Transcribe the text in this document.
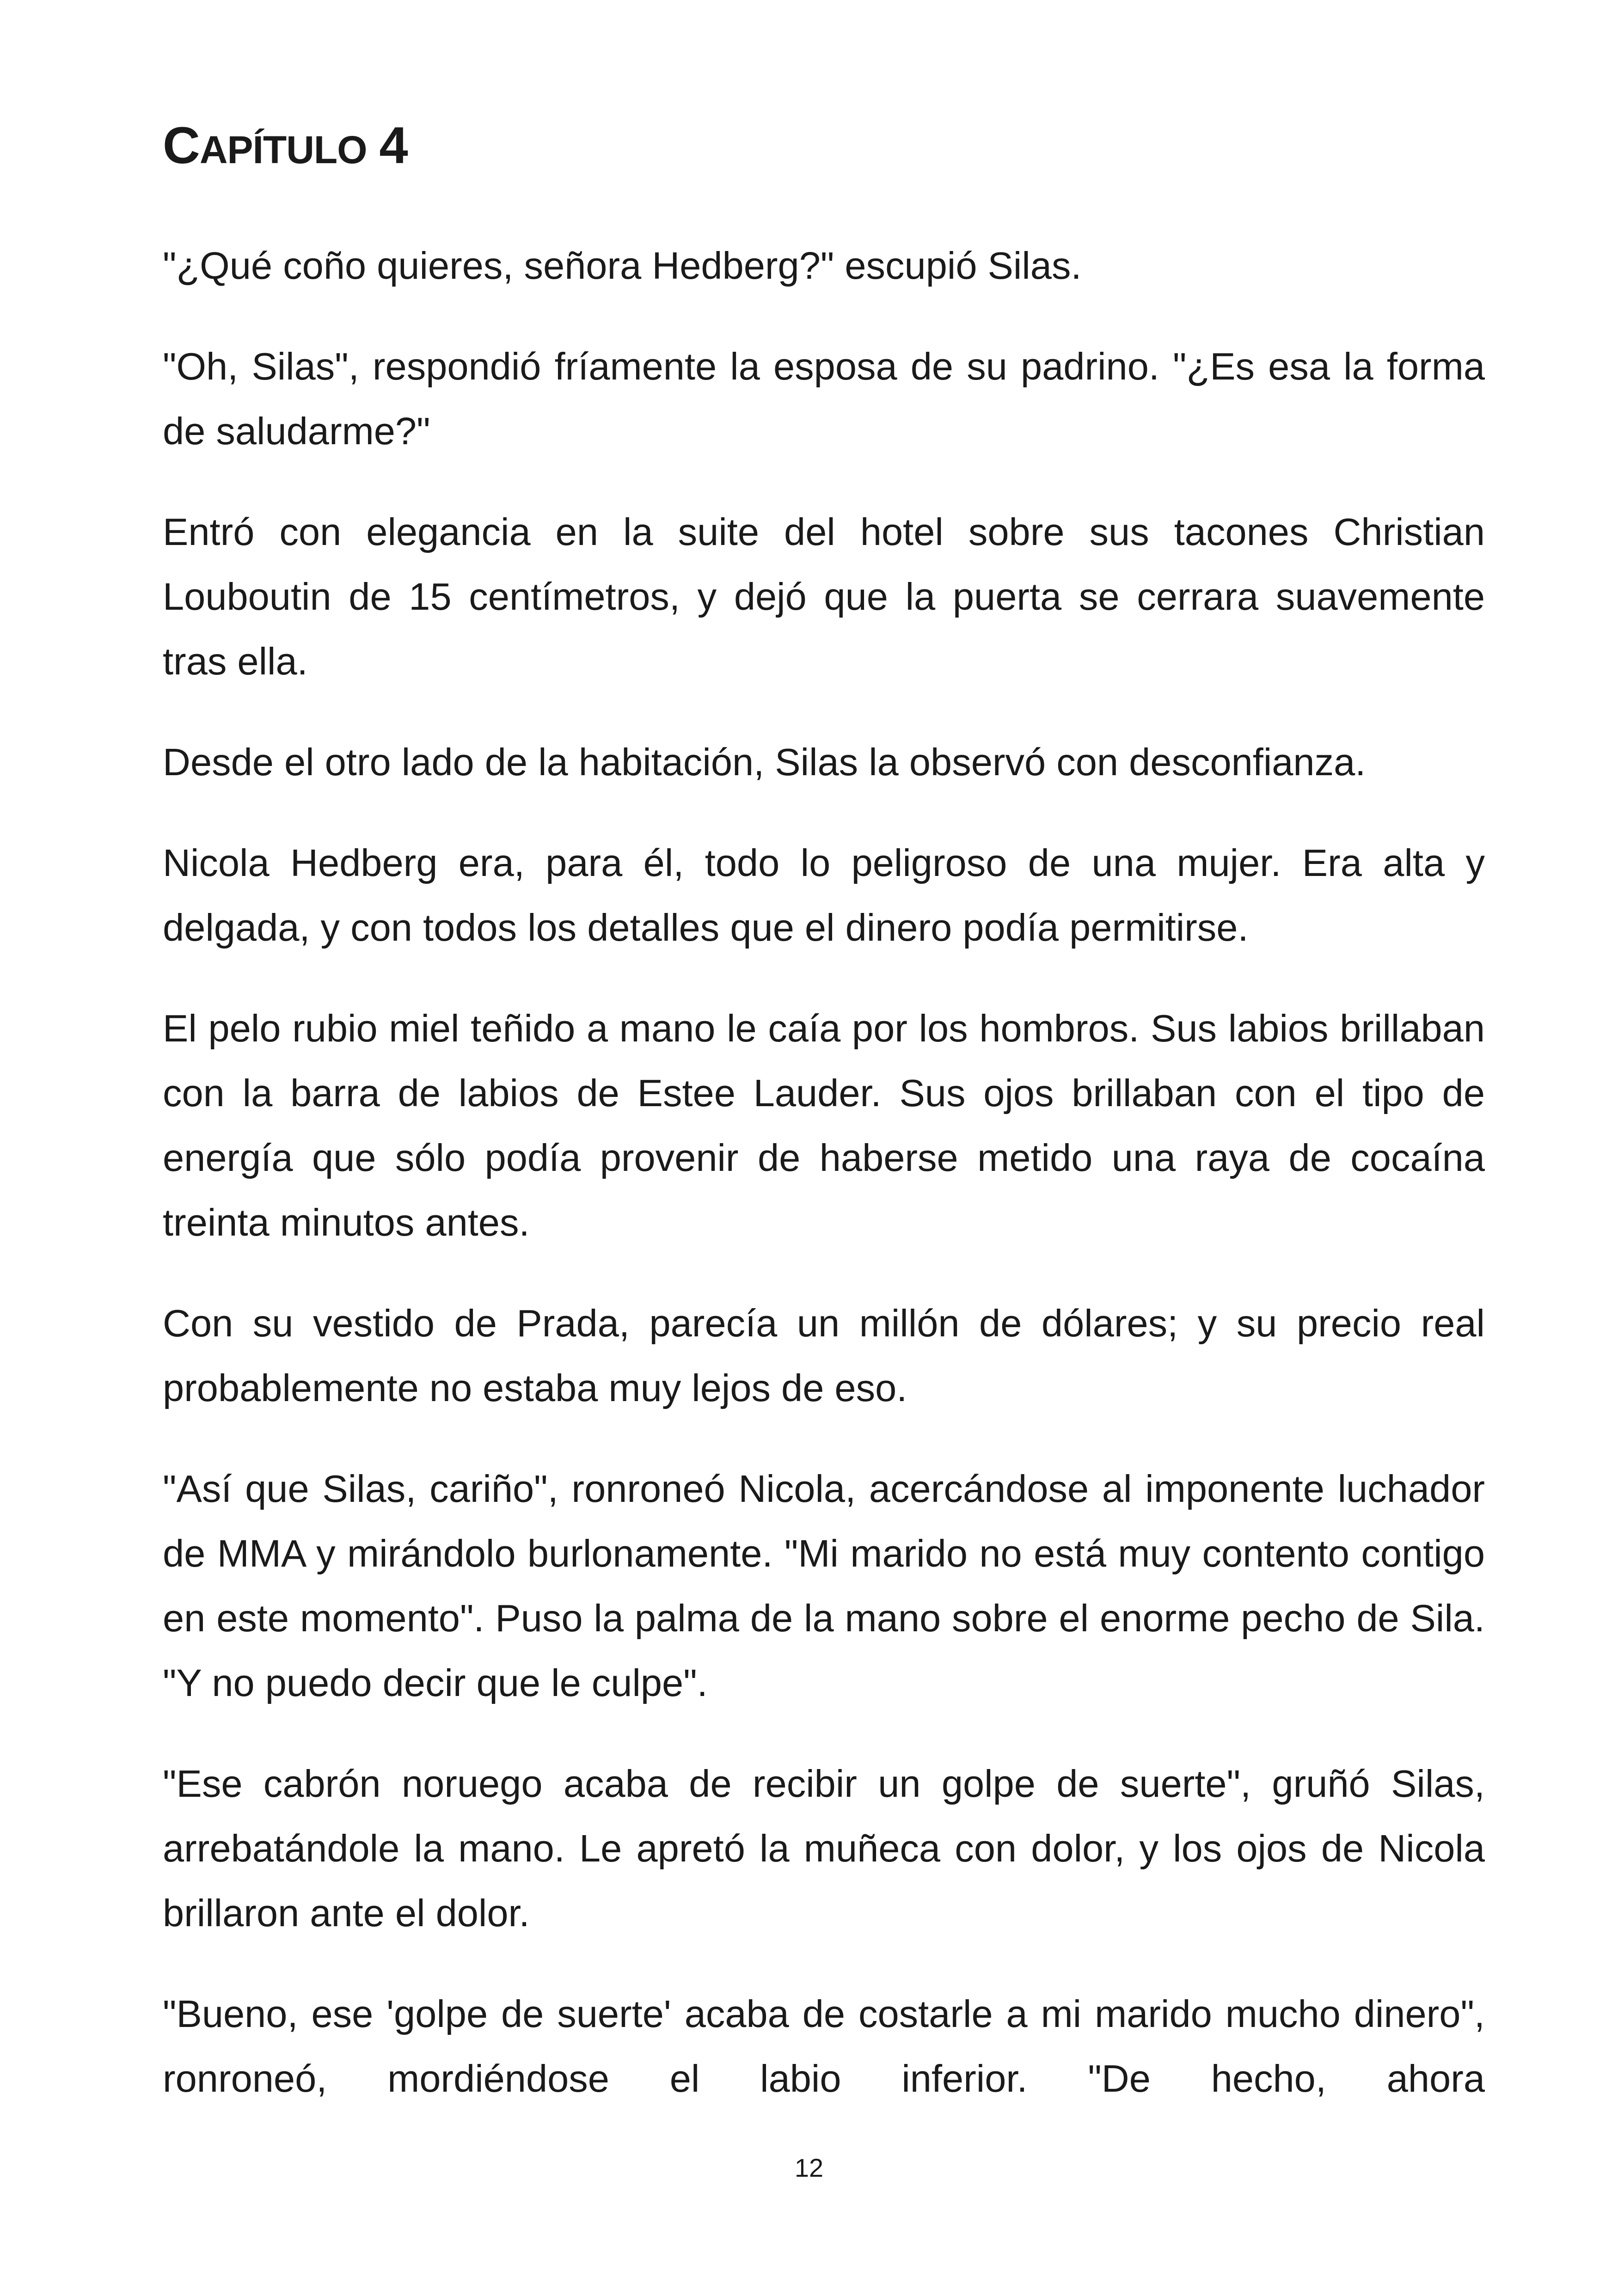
CAPÍTULO 4

"¿Qué coño quieres, señora Hedberg?" escupió Silas.

"Oh, Silas", respondió fríamente la esposa de su padrino. "¿Es esa la forma de saludarme?"

Entró con elegancia en la suite del hotel sobre sus tacones Christian Louboutin de 15 centímetros, y dejó que la puerta se cerrara suavemente tras ella.

Desde el otro lado de la habitación, Silas la observó con desconfianza.

Nicola Hedberg era, para él, todo lo peligroso de una mujer. Era alta y delgada, y con todos los detalles que el dinero podía permitirse.

El pelo rubio miel teñido a mano le caía por los hombros. Sus labios brillaban con la barra de labios de Estee Lauder. Sus ojos brillaban con el tipo de energía que sólo podía provenir de haberse metido una raya de cocaína treinta minutos antes.

Con su vestido de Prada, parecía un millón de dólares; y su precio real probablemente no estaba muy lejos de eso.

"Así que Silas, cariño", ronroneó Nicola, acercándose al imponente luchador de MMA y mirándolo burlonamente. "Mi marido no está muy contento contigo en este momento". Puso la palma de la mano sobre el enorme pecho de Sila. "Y no puedo decir que le culpe".

"Ese cabrón noruego acaba de recibir un golpe de suerte", gruñó Silas, arrebatándole la mano. Le apretó la muñeca con dolor, y los ojos de Nicola brillaron ante el dolor.

"Bueno, ese 'golpe de suerte' acaba de costarle a mi marido mucho dinero", ronroneó, mordiéndose el labio inferior. "De hecho, ahora

12
